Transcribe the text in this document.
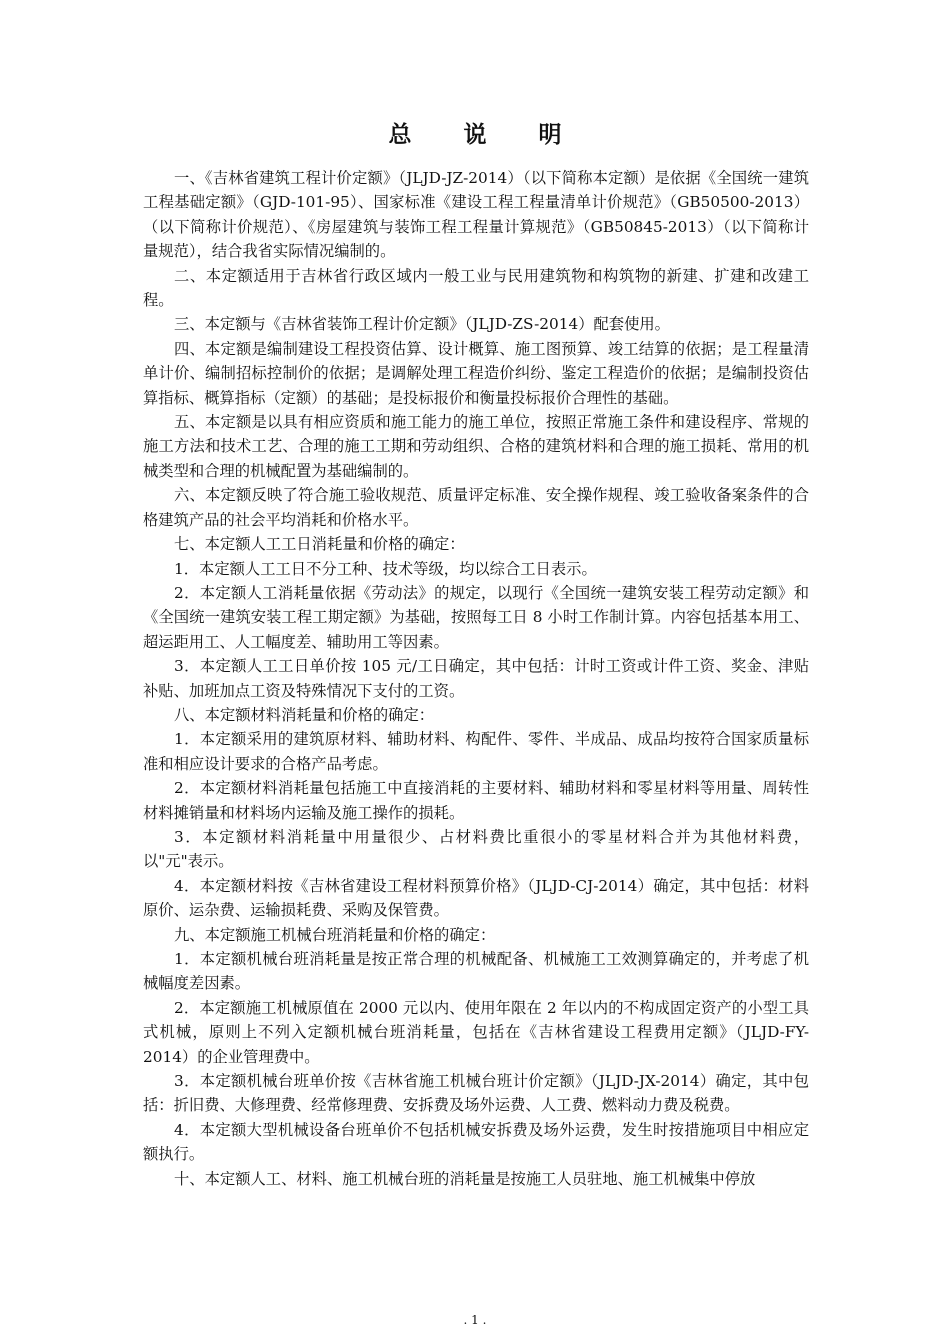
总 说 明

一、《吉林省建筑工程计价定额》（JLJD-JZ-2014）（以下简称本定额）是依据《全国统一建筑工程基础定额》（GJD-101-95）、国家标准《建设工程工程量清单计价规范》（GB50500-2013）（以下简称计价规范）、《房屋建筑与装饰工程工程量计算规范》（GB50845-2013）（以下简称计量规范），结合我省实际情况编制的。

二、本定额适用于吉林省行政区域内一般工业与民用建筑物和构筑物的新建、扩建和改建工程。

三、本定额与《吉林省装饰工程计价定额》（JLJD-ZS-2014）配套使用。

四、本定额是编制建设工程投资估算、设计概算、施工图预算、竣工结算的依据；是工程量清单计价、编制招标控制价的依据；是调解处理工程造价纠纷、鉴定工程造价的依据；是编制投资估算指标、概算指标（定额）的基础；是投标报价和衡量投标报价合理性的基础。

五、本定额是以具有相应资质和施工能力的施工单位，按照正常施工条件和建设程序、常规的施工方法和技术工艺、合理的施工工期和劳动组织、合格的建筑材料和合理的施工损耗、常用的机械类型和合理的机械配置为基础编制的。

六、本定额反映了符合施工验收规范、质量评定标准、安全操作规程、竣工验收备案条件的合格建筑产品的社会平均消耗和价格水平。

七、本定额人工工日消耗量和价格的确定：

1．本定额人工工日不分工种、技术等级，均以综合工日表示。

2．本定额人工消耗量依据《劳动法》的规定，以现行《全国统一建筑安装工程劳动定额》和《全国统一建筑安装工程工期定额》为基础，按照每工日 8 小时工作制计算。内容包括基本用工、超运距用工、人工幅度差、辅助用工等因素。

3．本定额人工工日单价按 105 元/工日确定，其中包括：计时工资或计件工资、奖金、津贴补贴、加班加点工资及特殊情况下支付的工资。

八、本定额材料消耗量和价格的确定：

1．本定额采用的建筑原材料、辅助材料、构配件、零件、半成品、成品均按符合国家质量标准和相应设计要求的合格产品考虑。

2．本定额材料消耗量包括施工中直接消耗的主要材料、辅助材料和零星材料等用量、周转性材料摊销量和材料场内运输及施工操作的损耗。

3．本定额材料消耗量中用量很少、占材料费比重很小的零星材料合并为其他材料费，以"元"表示。

4．本定额材料按《吉林省建设工程材料预算价格》（JLJD-CJ-2014）确定，其中包括：材料原价、运杂费、运输损耗费、采购及保管费。

九、本定额施工机械台班消耗量和价格的确定：

1．本定额机械台班消耗量是按正常合理的机械配备、机械施工工效测算确定的，并考虑了机械幅度差因素。

2．本定额施工机械原值在 2000 元以内、使用年限在 2 年以内的不构成固定资产的小型工具式机械，原则上不列入定额机械台班消耗量，包括在《吉林省建设工程费用定额》（JLJD-FY-2014）的企业管理费中。

3．本定额机械台班单价按《吉林省施工机械台班计价定额》（JLJD-JX-2014）确定，其中包括：折旧费、大修理费、经常修理费、安拆费及场外运费、人工费、燃料动力费及税费。

4．本定额大型机械设备台班单价不包括机械安拆费及场外运费，发生时按措施项目中相应定额执行。

十、本定额人工、材料、施工机械台班的消耗量是按施工人员驻地、施工机械集中停放

. 1 .
